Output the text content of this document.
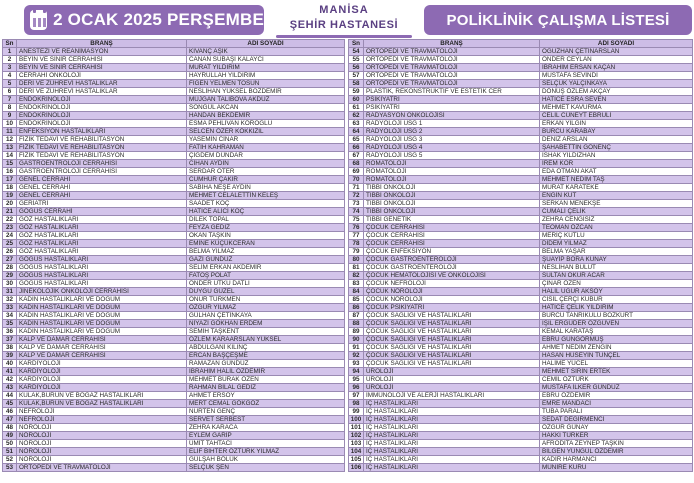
2 OCAK 2025 PERŞEMBE	MANİSA
ŞEHİR HASTANESİ	POLİKLİNİK ÇALIŞMA LİSTESİ
Sn	BRANŞ	ADI SOYADI
1	ANESTEZİ VE REANİMASYON	KIVANÇ AŞIK
2	BEYİN VE SİNİR CERRAHİSİ	CANAN SUBAŞI KALAYCI
3	BEYİN VE SİNİR CERRAHİSİ	MURAT YILDIRIM
4	CERRAHİ ONKOLOJİ	HAYRULLAH YILDIRIM
5	DERİ VE ZÜHREVİ HASTALIKLAR	FİGEN YELMEN TOSUN
6	DERİ VE ZÜHREVİ HASTALIKLAR	NESLİHAN YÜKSEL BOZDEMİR
7	ENDOKRİNOLOJİ	MÜJGAN TALIBOVA AKDÜZ
8	ENDOKRİNOLOJİ	SONGÜL AKCAN
9	ENDOKRİNOLOJİ	HANDAN BEKDEMİR
10	ENDOKRİNOLOJİ	ESMA PEHLİVAN KÖROĞLU
11	ENFEKSİYON HASTALIKLARI	SELCEN ÖZER KÖKKIZIL
12	FİZİK TEDAVİ VE REHABİLİTASYON	YASEMİN CİNAR
13	FİZİK TEDAVİ VE REHABİLİTASYON	FATİH KAHRAMAN
14	FİZİK TEDAVİ VE REHABİLİTASYON	ÇİĞDEM DÜNDAR
15	GASTROENTROLOJİ CERRAHİSİ	CİHAN AYDIN
16	GASTROENTROLOJİ CERRAHİSİ	SERDAR ÖTER
17	GENEL CERRAHİ	CUMHUR ÇAKIR
18	GENEL CERRAHİ	SABİHA NEŞE AYDIN
19	GENEL CERRAHİ	MEHMET CELALETTİN KELEŞ
20	GERİATRİ	SAADET KOÇ
21	GÖĞÜS CERRAHİ	HATİCE ALİCİ KOÇ
22	GÖZ HASTALIKLARI	DİLEK TOPAL
23	GÖZ HASTALIKLARI	FEYZA GEDİZ
24	GÖZ HASTALIKLARI	OKAN TAŞKIN
25	GÖZ HASTALIKLARI	EMİNE KÜÇÜKCERAN
26	GÖZ HASTALIKLARI	BELMA YILMAZ
27	GÖĞÜS HASTALIKLARI	GAZİ GÜNDÜZ
28	GÖĞÜS HASTALIKLARI	SELİM ERKAN AKDEMİR
29	GÖĞÜS HASTALIKLARI	FATOŞ POLAT
30	GÖĞÜS HASTALIKLARI	ÖNDER UTKU DATLI
31	JİNEKOLOJİK ONKOLOJİ CERRAHİSİ	DUYGU GÜZEL
32	KADIN HASTALIKLARI VE DOĞUM	ONUR TÜRKMEN
33	KADIN HASTALIKLARI VE DOĞUM	ÖZGÜR YILMAZ
34	KADIN HASTALIKLARI VE DOĞUM	GÜLHAN ÇETİNKAYA
35	KADIN HASTALIKLARI VE DOĞUM	NİYAZİ GÖKHAN ERDEM
36	KADIN HASTALIKLARI VE DOĞUM	SEMİH TAŞKENT
37	KALP VE DAMAR CERRAHİSİ	ÖZLEM KARAARSLAN YÜKSEL
38	KALP VE DAMAR CERRAHİSİ	ABDULGANİ KILINÇ
39	KALP VE DAMAR CERRAHİSİ	ERCAN BAŞÇEŞME
40	KARDİYOLOJİ	RAMAZAN GÜNDÜZ
41	KARDİYOLOJİ	İBRAHİM HALİL ÖZDEMİR
42	KARDİYOLOJİ	MEHMET BURAK ÖZEN
43	KARDİYOLOJİ	RAHMAN BİLAL GEDİZ
44	KULAK,BURUN VE BOĞAZ HASTALIKLARI	AHMET ERSOY
45	KULAK,BURUN VE BOĞAZ HASTALIKLARI	MERT CEMAL GÖKGÖZ
46	NEFROLOJİ	NURTEN GENÇ
47	NEFROLOJİ	SERVET SERBEST
48	NÖROLOJİ	ZEHRA KARACA
49	NÖROLOJİ	EYLEM GARİP
50	NÖROLOJİ	ÜMİT TAHTACI
51	NÖROLOJİ	ELİF BİHTER ÖZTÜRK YILMAZ
52	NÖROLOJİ	GÜLŞAH BÖLÜK
53	ORTOPEDİ VE TRAVMATOLOJİ	SELÇUK ŞEN
Sn	BRANŞ	ADI SOYADI
54	ORTOPEDİ VE TRAVMATOLOJİ	OĞUZHAN ÇETİNARSLAN
55	ORTOPEDİ VE TRAVMATOLOJİ	ÖNDER CEYLAN
56	ORTOPEDİ VE TRAVMATOLOJİ	İBRAHİM ERSAN KAÇAN
57	ORTOPEDİ VE TRAVMATOLOJİ	MUSTAFA SEVİNDİ
58	ORTOPEDİ VE TRAVMATOLOJİ	SELÇUK YALÇINKAYA
59	PLASTİK, REKONSTRÜKTİF VE ESTETİK CER	DÖNÜŞ ÖZLEM AKÇAY
60	PSİKİYATRİ	HATİCE ESRA SEVEN
61	PSİKİYATRİ	MEHMET KAVURMA
62	RADYASYON ONKOLOJİSİ	CELİL CÜNEYT EBRULİ
63	RADYOLOJİ USG 1	ERKAN YILGIN
64	RADYOLOJİ USG 2	BURCU KARABAY
65	RADYOLOJİ USG 3	DENİZ ARSLAN
66	RADYOLOJİ USG 4	ŞAHABETTİN GÖNENÇ
67	RADYOLOJİ USG 5	İSHAK YILDIZHAN
68	ROMATOLOJİ	İREM KOR
69	ROMATOLOJİ	EDA OTMAN AKAT
70	ROMATOLOJİ	MEHMET NEDİM TAŞ
71	TIBBİ ONKOLOJİ	MURAT KARATEKE
72	TIBBİ ONKOLOJİ	ENGİN KUT
73	TIBBİ ONKOLOJİ	SERKAN MENEKŞE
74	TIBBİ ONKOLOJİ	CUMALİ ÇELİK
75	TIBBİ GENETİK	ZEHRA CENGİSİZ
76	ÇOCUK CERRAHİSİ	TEOMAN ÖZCAN
77	ÇOCUK CERRAHİSİ	MERİÇ KUTLU
78	ÇOCUK CERRAHİSİ	DİDEM YILMAZ
79	ÇOCUK ENFEKSİYON	BELMA YAŞAR
80	ÇOCUK GASTROENTEROLOJİ	ŞUAYİP BORA KUNAY
81	ÇOCUK GASTROENTEROLOJİ	NESLİHAN BULUT
82	ÇOCUK HEMATOLOJİSİ VE ONKOLOJİSİ	SULTAN OKUR ACAR
83	ÇOCUK NEFROLOJİ	ÇINAR ÖZEN
84	ÇOCUK NÖROLOJİ	HALİL UĞUR AKSOY
85	ÇOCUK NÖROLOJİ	CİSİL ÇERÇİ KUBUR
86	ÇOCUK PSİKİYATRİ	HATİCE ÇELİK YILDIRIM
87	ÇOCUK SAĞLIĞI VE HASTALIKLARI	BURCU TANRIKULU BOZKURT
88	ÇOCUK SAĞLIĞI VE HASTALIKLARI	IŞIL ERGÜDER ÖZGÜVEN
89	ÇOCUK SAĞLIĞI VE HASTALIKLARI	KEMAL KARATAŞ
90	ÇOCUK SAĞLIĞI VE HASTALIKLARI	EBRU GÜNGÖRMÜŞ
91	ÇOCUK SAĞLIĞI VE HASTALIKLARI	AHMET NEDİM ZENGİN
92	ÇOCUK SAĞLIĞI VE HASTALIKLARI	HASAN HÜSEYİN TUNÇEL
93	ÇOCUK SAĞLIĞI VE HASTALIKLARI	HALİME YÜCEL
94	ÜROLOJİ	MEHMET SİRİN ERTEK
95	ÜROLOJİ	CEMİL ÖZTÜRK
96	ÜROLOJİ	MUSTAFA İLKER GÜNDÜZ
97	İMMÜNOLOJİ VE ALERJİ HASTALIKLARI	EBRU ÖZDEMİR
98	İÇ HASTALIKLARI	EMRE MANDACI
99	İÇ HASTALIKLARI	TUBA PARALI
100	İÇ HASTALIKLARI	SEDAT DEĞİRMENCİ
101	İÇ HASTALIKLARI	ÖZGÜR GÜNAY
102	İÇ HASTALIKLARI	HAKKI TÜRKER
103	İÇ HASTALIKLARI	AFRODİTA ZEYNEP TAŞKIN
104	İÇ HASTALIKLARI	BİLGEN YÜNGÜL ÖZDEMİR
105	İÇ HASTALIKLARI	KADİR HARMANCI
106	İÇ HASTALIKLARI	MÜNİRE KURU
